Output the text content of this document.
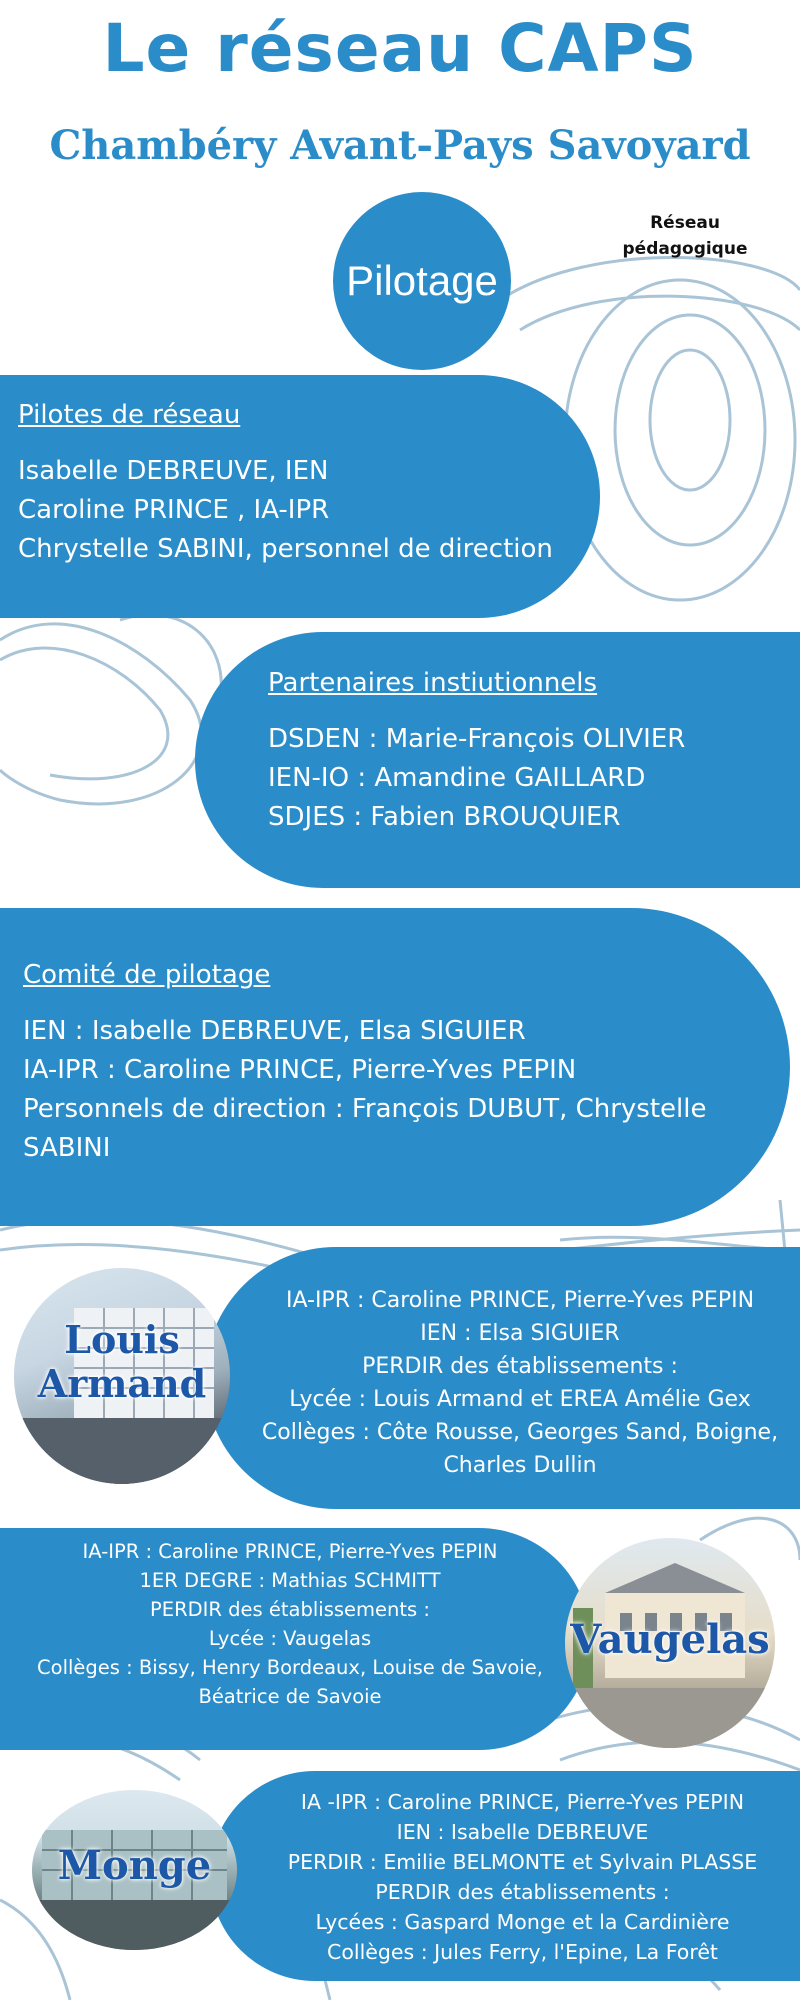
Le réseau CAPS
Chambéry Avant-Pays Savoyard
Réseau
pédagogique
Pilotage
Pilotes de réseau
Isabelle DEBREUVE, IEN
Caroline PRINCE , IA-IPR
Chrystelle SABINI, personnel de direction
Partenaires instiutionnels
DSDEN : Marie-François OLIVIER
IEN-IO : Amandine GAILLARD
SDJES : Fabien BROUQUIER
Comité de pilotage
IEN : Isabelle DEBREUVE, Elsa SIGUIER
IA-IPR : Caroline PRINCE, Pierre-Yves PEPIN
Personnels de direction : François DUBUT, Chrystelle
SABINI
Louis
Armand
IA-IPR : Caroline PRINCE, Pierre-Yves PEPIN
IEN : Elsa SIGUIER
PERDIR des établissements :
Lycée : Louis Armand et EREA Amélie Gex
Collèges : Côte Rousse, Georges Sand, Boigne,
Charles Dullin
IA-IPR : Caroline PRINCE, Pierre-Yves PEPIN
1ER DEGRE : Mathias SCHMITT
PERDIR des établissements :
Lycée : Vaugelas
Collèges : Bissy, Henry Bordeaux, Louise de Savoie,
Béatrice de Savoie
Vaugelas
Monge
IA -IPR : Caroline PRINCE, Pierre-Yves PEPIN
IEN : Isabelle DEBREUVE
PERDIR : Emilie BELMONTE et Sylvain PLASSE
PERDIR des établissements :
Lycées : Gaspard Monge et la Cardinière
Collèges : Jules Ferry, l'Epine, La Forêt
